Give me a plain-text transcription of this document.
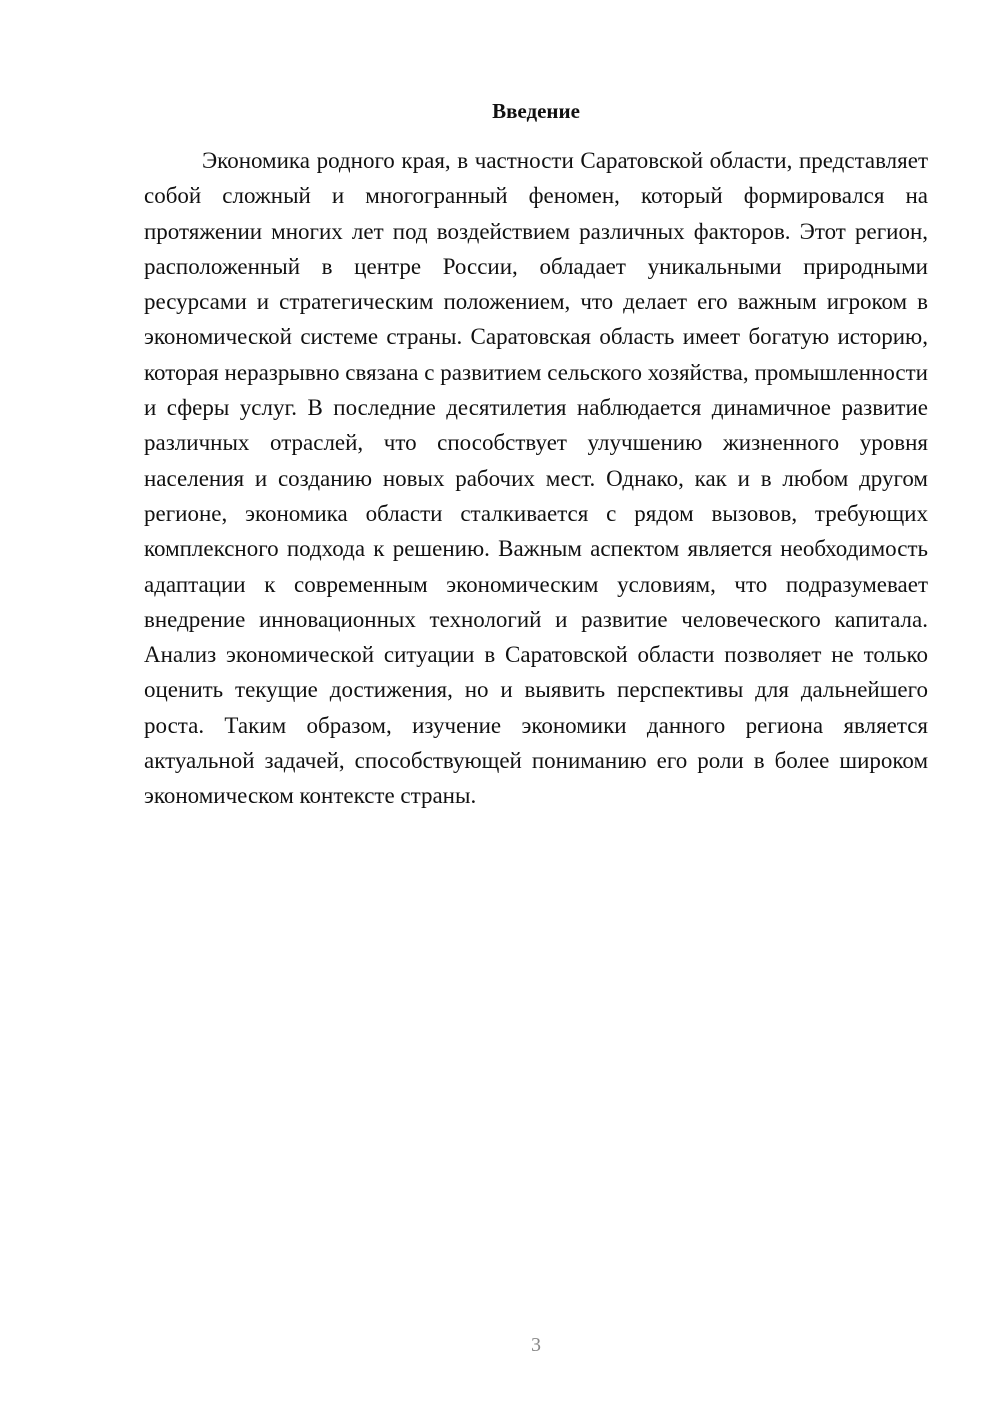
Введение

Экономика родного края, в частности Саратовской области, представляет собой сложный и многогранный феномен, который формировался на протяжении многих лет под воздействием различных факторов. Этот регион, расположенный в центре России, обладает уникальными природными ресурсами и стратегическим положением, что делает его важным игроком в экономической системе страны. Саратовская область имеет богатую историю, которая неразрывно связана с развитием сельского хозяйства, промышленности и сферы услуг. В последние десятилетия наблюдается динамичное развитие различных отраслей, что способствует улучшению жизненного уровня населения и созданию новых рабочих мест. Однако, как и в любом другом регионе, экономика области сталкивается с рядом вызовов, требующих комплексного подхода к решению. Важным аспектом является необходимость адаптации к современным экономическим условиям, что подразумевает внедрение инновационных технологий и развитие человеческого капитала. Анализ экономической ситуации в Саратовской области позволяет не только оценить текущие достижения, но и выявить перспективы для дальнейшего роста. Таким образом, изучение экономики данного региона является актуальной задачей, способствующей пониманию его роли в более широком экономическом контексте страны.

3
